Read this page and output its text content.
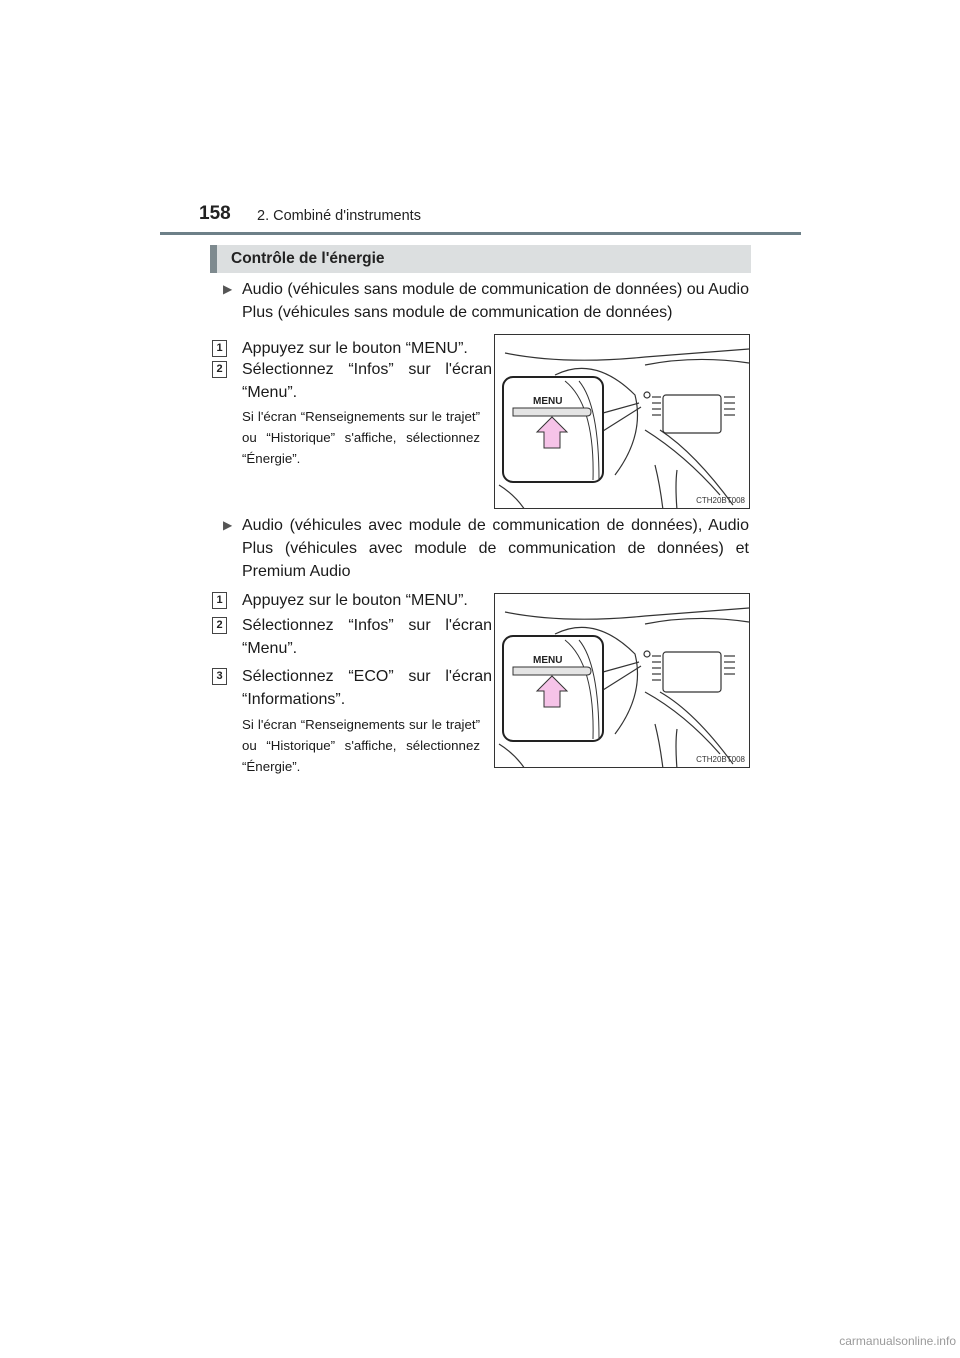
158 2. Combiné d'instruments
Contrôle de l'énergie
▶ Audio (véhicules sans module de communication de données) ou Audio Plus (véhicules sans module de communication de données)
1 Appuyez sur le bouton “MENU”.
2 Sélectionnez “Infos” sur l'écran “Menu”.
Si l'écran “Renseignements sur le trajet” ou “Historique” s'affiche, sélectionnez “Énergie”.
MENU
CTH20BT008
▶ Audio (véhicules avec module de communication de données), Audio Plus (véhicules avec module de communication de données) et Premium Audio
1 Appuyez sur le bouton “MENU”.
2 Sélectionnez “Infos” sur l'écran “Menu”.
3 Sélectionnez “ECO” sur l'écran “Informations”.
Si l'écran “Renseignements sur le trajet” ou “Historique” s'affiche, sélectionnez “Énergie”.
MENU
CTH20BT008
carmanualsonline.info
